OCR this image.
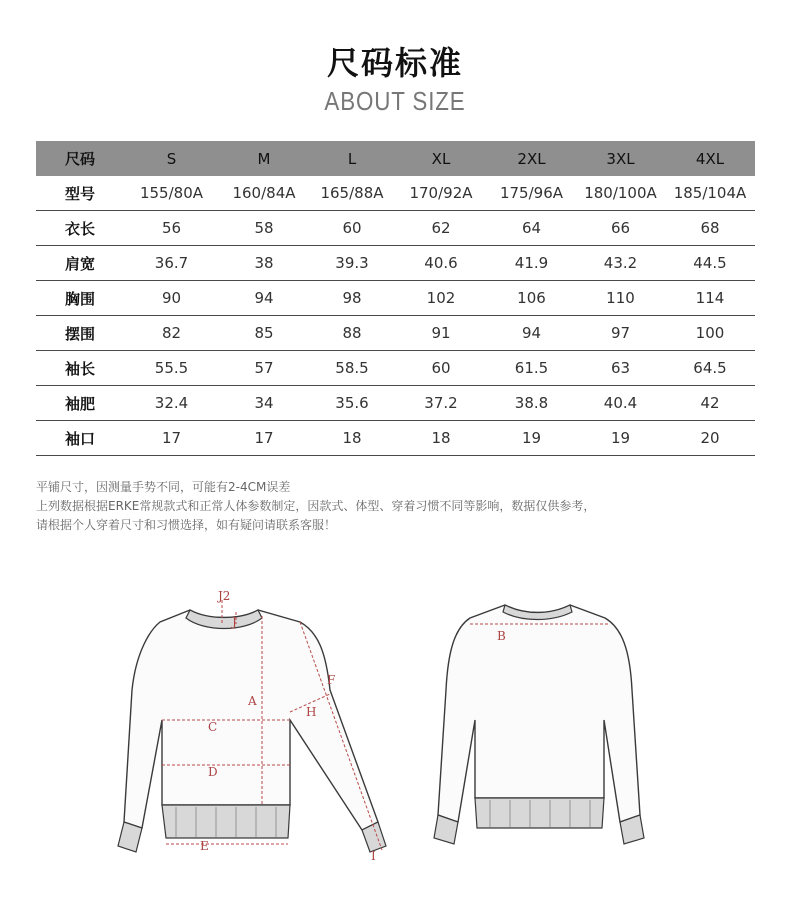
尺码标准
ABOUT SIZE
尺码	S	M	L	XL	2XL	3XL	4XL
型号	155/80A	160/84A	165/88A	170/92A	175/96A	180/100A	185/104A
衣长	56	58	60	62	64	66	68
肩宽	36.7	38	39.3	40.6	41.9	43.2	44.5
胸围	90	94	98	102	106	110	114
摆围	82	85	88	91	94	97	100
袖长	55.5	57	58.5	60	61.5	63	64.5
袖肥	32.4	34	35.6	37.2	38.8	40.4	42
袖口	17	17	18	18	19	19	20
平铺尺寸，因测量手势不同，可能有2-4CM误差
上列数据根据ERKE常规款式和正常人体参数制定，因款式、体型、穿着习惯不同等影响，数据仅供参考，
请根据个人穿着尺寸和习惯选择，如有疑问请联系客服！
J2
J
A
C
D
E
F
H
I
B
